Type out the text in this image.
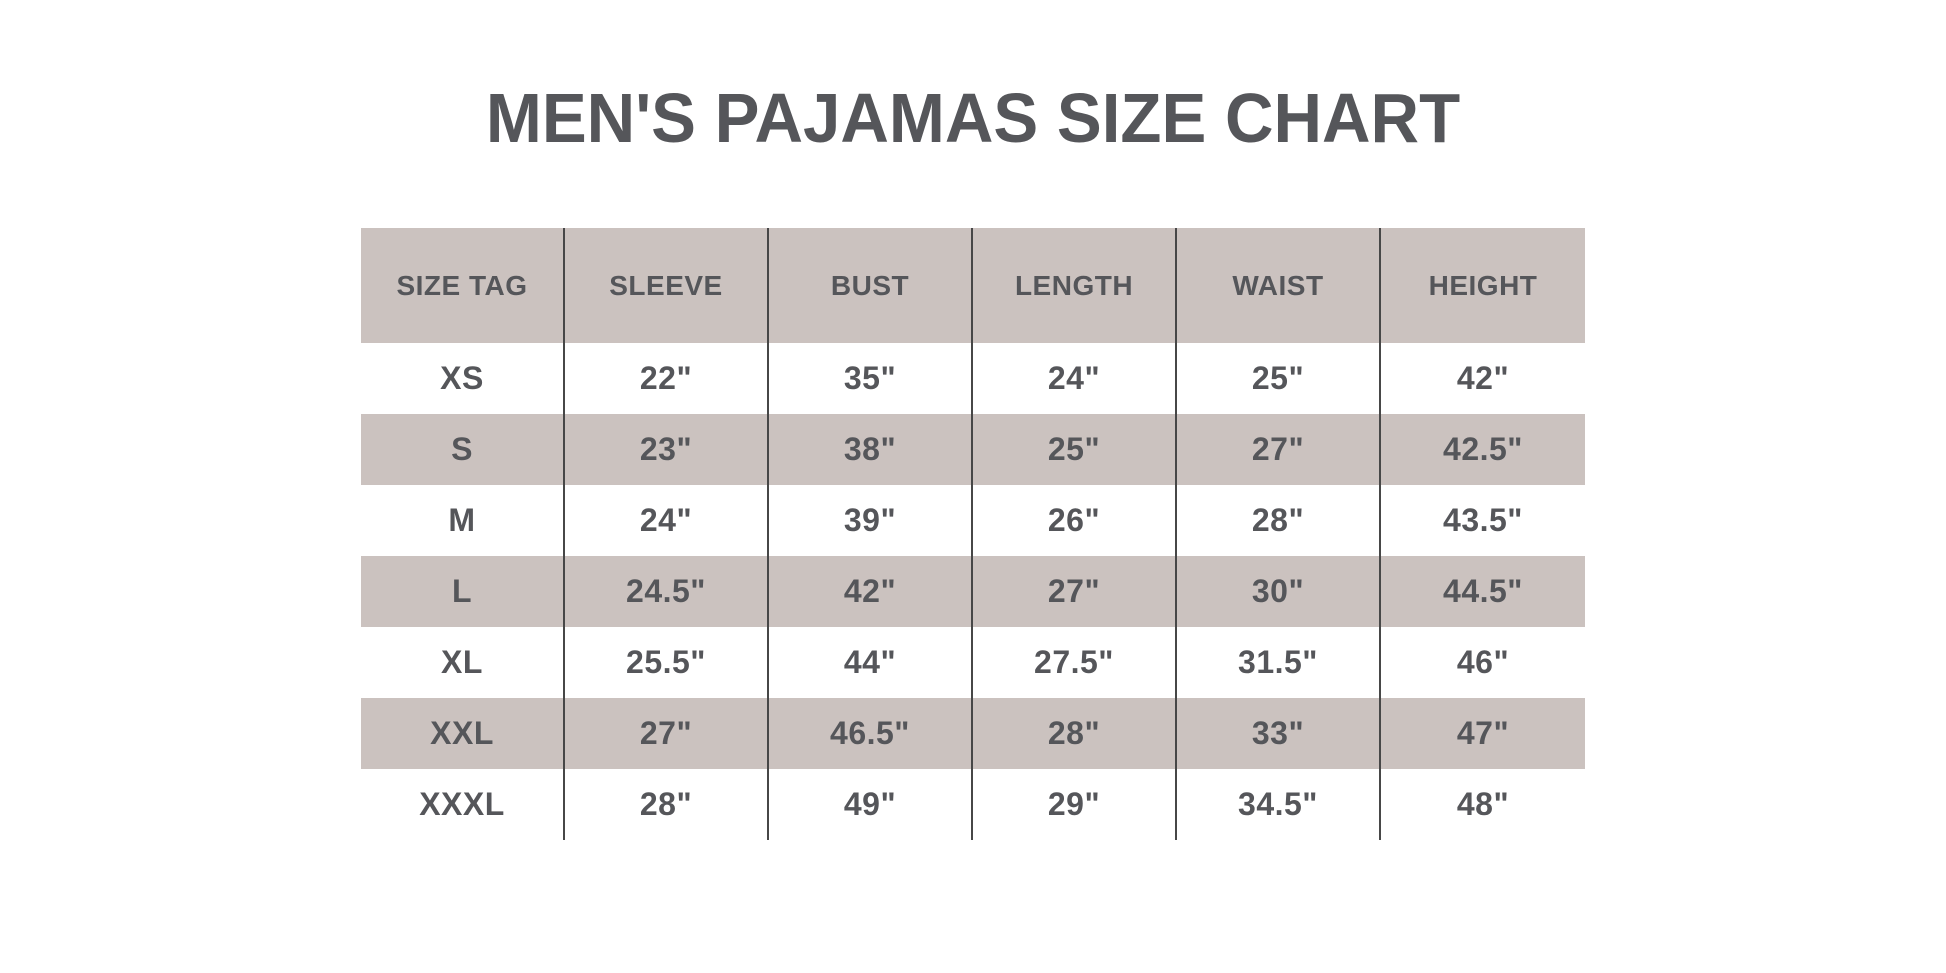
MEN'S PAJAMAS SIZE CHART
SIZE TAG	SLEEVE	BUST	LENGTH	WAIST	HEIGHT
XS	22"	35"	24"	25"	42"
S	23"	38"	25"	27"	42.5"
M	24"	39"	26"	28"	43.5"
L	24.5"	42"	27"	30"	44.5"
XL	25.5"	44"	27.5"	31.5"	46"
XXL	27"	46.5"	28"	33"	47"
XXXL	28"	49"	29"	34.5"	48"
